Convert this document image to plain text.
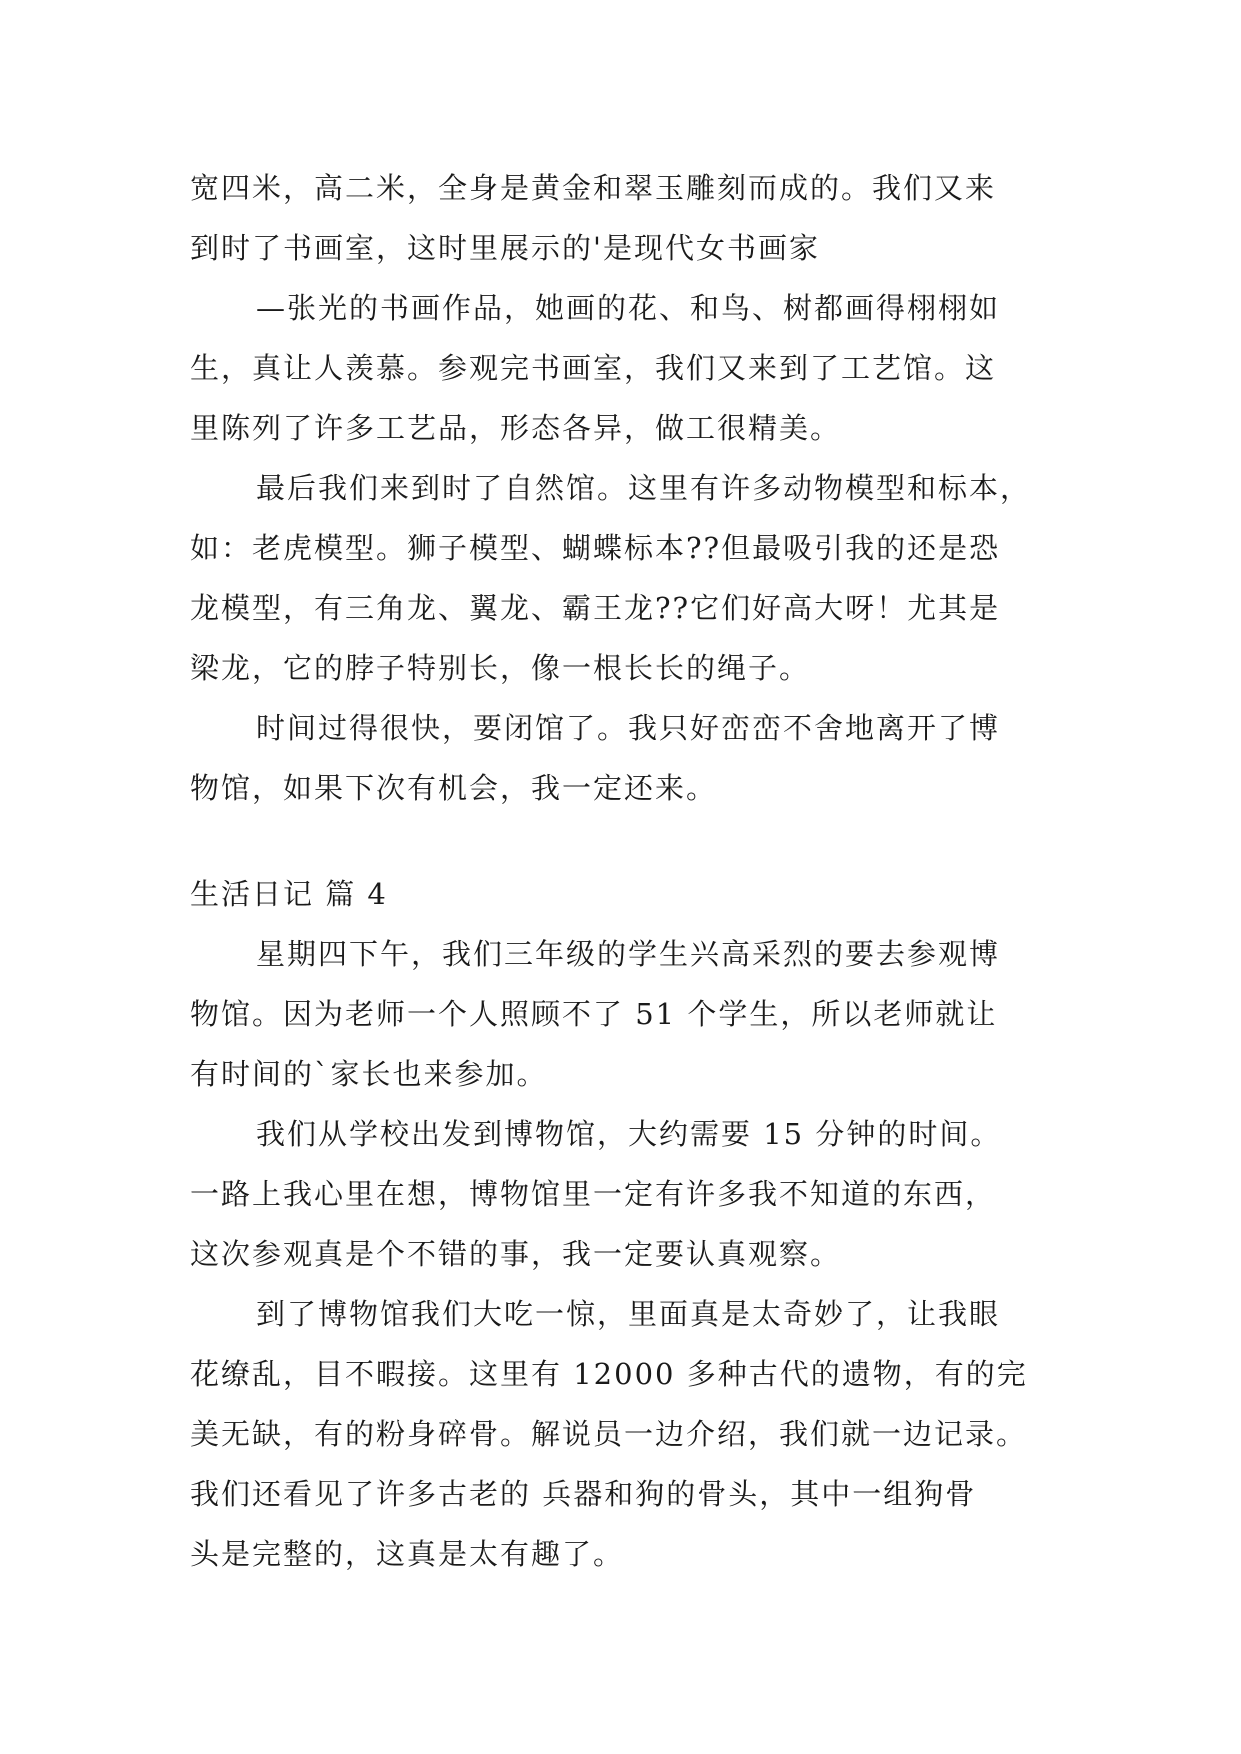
宽四米，高二米，全身是黄金和翠玉雕刻而成的。我们又来
到时了书画室，这时里展示的'是现代女书画家
—张光的书画作品，她画的花、和鸟、树都画得栩栩如
生，真让人羡慕。参观完书画室，我们又来到了工艺馆。这
里陈列了许多工艺品，形态各异，做工很精美。
最后我们来到时了自然馆。这里有许多动物模型和标本，
如：老虎模型。狮子模型、蝴蝶标本??但最吸引我的还是恐
龙模型，有三角龙、翼龙、霸王龙??它们好高大呀！尤其是
梁龙，它的脖子特别长，像一根长长的绳子。
时间过得很快，要闭馆了。我只好峦峦不舍地离开了博
物馆，如果下次有机会，我一定还来。
生活日记 篇 4
星期四下午，我们三年级的学生兴高采烈的要去参观博
物馆。因为老师一个人照顾不了 51 个学生，所以老师就让
有时间的`家长也来参加。
我们从学校出发到博物馆，大约需要 15 分钟的时间。
一路上我心里在想，博物馆里一定有许多我不知道的东西，
这次参观真是个不错的事，我一定要认真观察。
到了博物馆我们大吃一惊，里面真是太奇妙了，让我眼
花缭乱，目不暇接。这里有 12000 多种古代的遗物，有的完
美无缺，有的粉身碎骨。解说员一边介绍，我们就一边记录。
我们还看见了许多古老的 兵器和狗的骨头，其中一组狗骨
头是完整的，这真是太有趣了。
